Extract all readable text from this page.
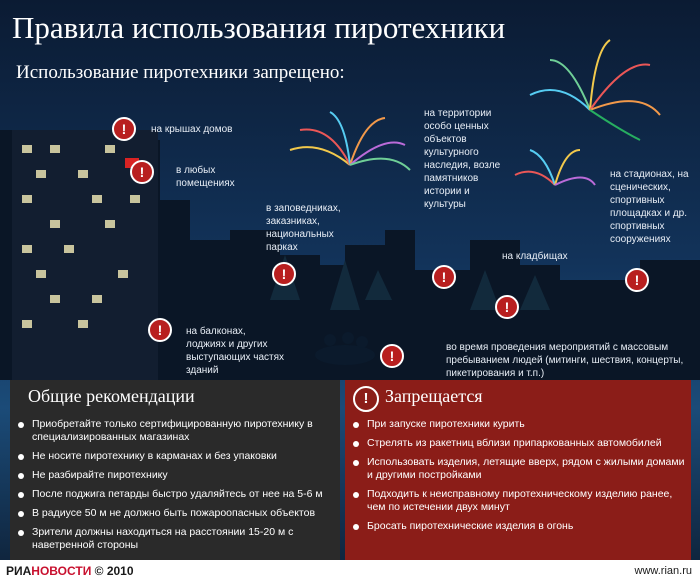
Правила использования пиротехники
Использование пиротехники запрещено:
!	на крышах домов
!	в любых помещениях
!
в заповедниках, заказниках, национальных парках
!
на территории особо ценных объектов культурного наследия, возле памятников истории и культуры
!
на кладбищах
!
на стадионах, на сценических, спортивных площадках и др. спортивных сооружениях
!	на балконах, лоджиях и других выступающих частях зданий
!
во время проведения мероприятий с массовым пребыванием людей (митинги, шествия, концерты, пикетирования и т.п.)
Общие рекомендации
Приобретайте только сертифицированную пиротехнику в специализированных магазинах
Не носите пиротехнику в карманах и без упаковки
Не разбирайте пиротехнику
После поджига петарды быстро удаляйтесь от нее на 5-6 м
В радиусе 50 м не должно быть пожароопасных объектов
Зрители должны находиться на расстоянии 15-20 м с наветренной стороны
! Запрещается
При запуске пиротехники курить
Стрелять из ракетниц вблизи припаркованных автомобилей
Использовать изделия, летящие вверх, рядом с жилыми домами и другими постройками
Подходить к неисправному пиротехническому изделию ранее, чем по истечении двух минут
Бросать пиротехнические изделия в огонь
РИАНОВОСТИ © 2010	www.rian.ru
